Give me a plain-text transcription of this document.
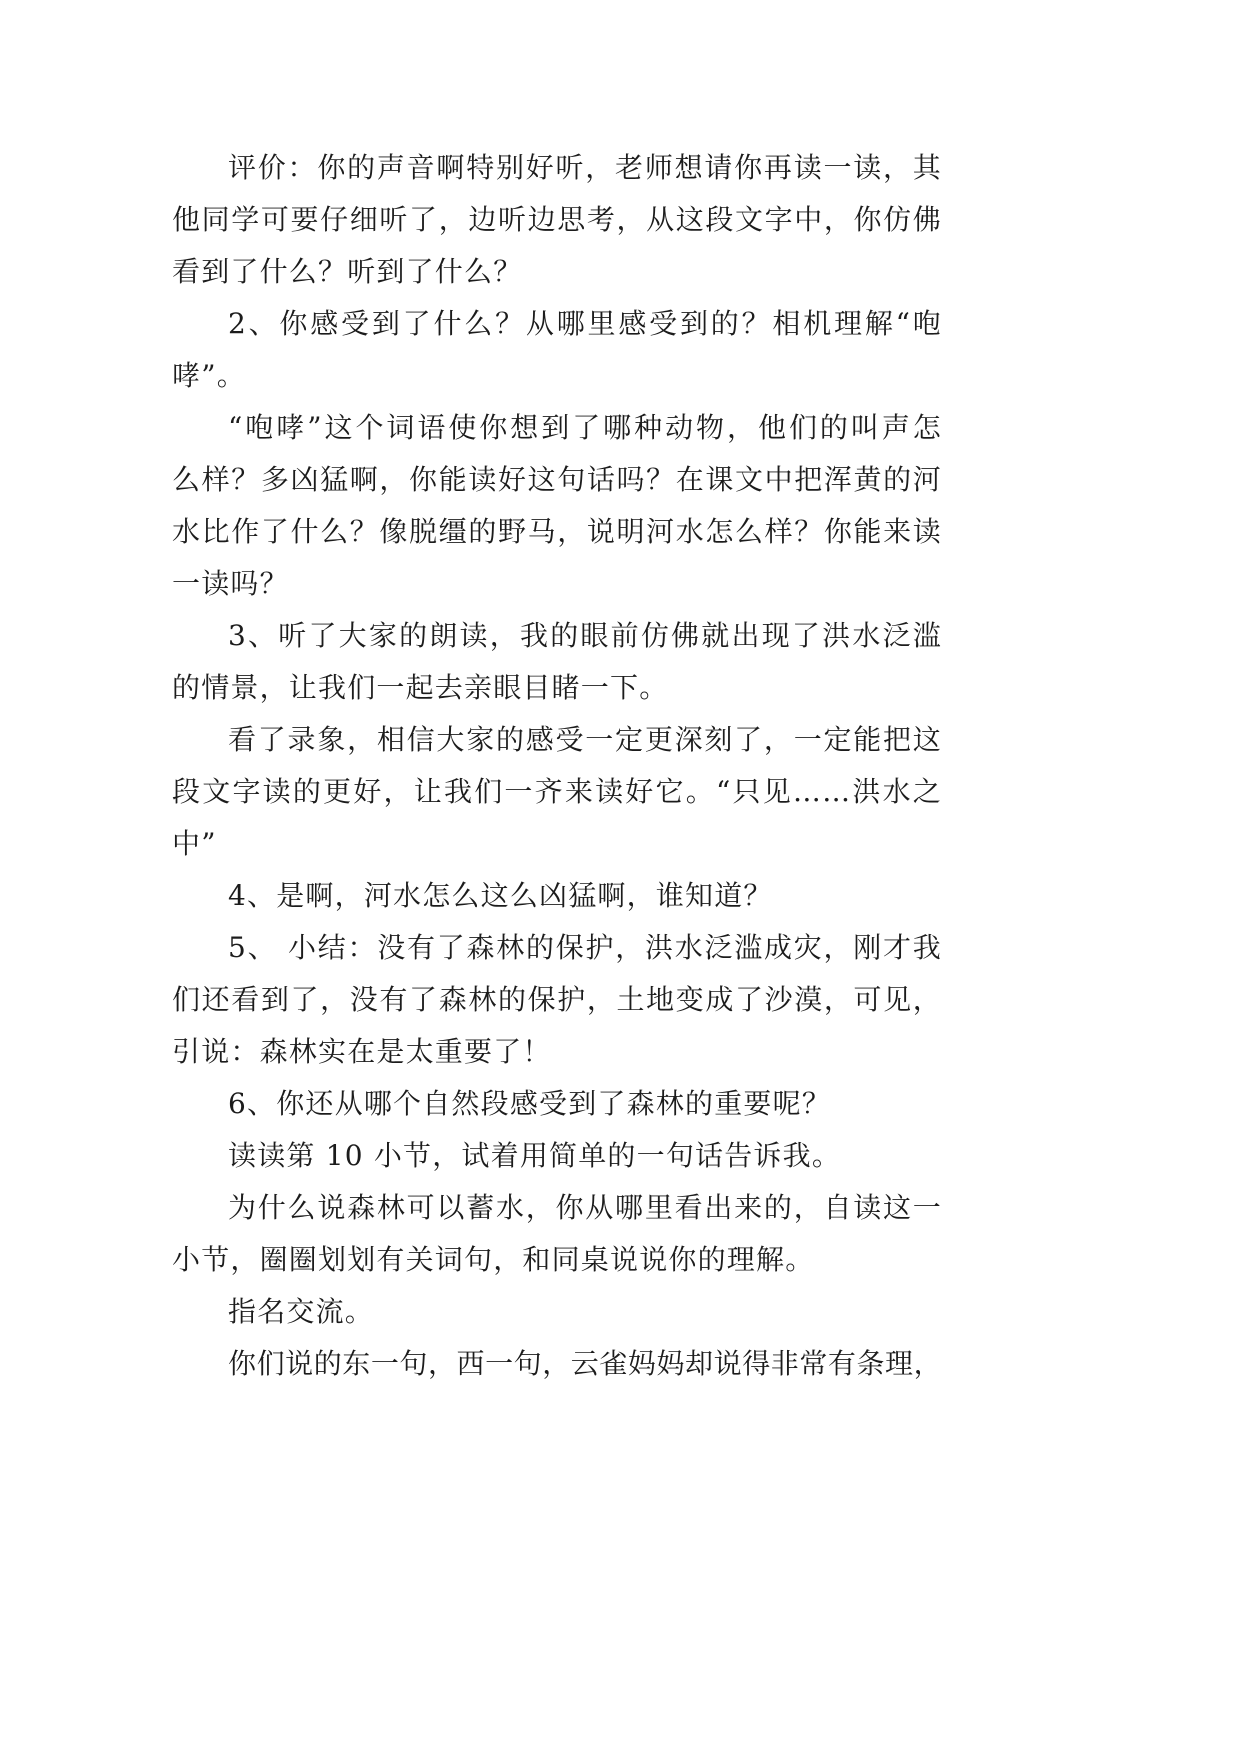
评价：你的声音啊特别好听，老师想请你再读一读，其
他同学可要仔细听了，边听边思考，从这段文字中，你仿佛
看到了什么？听到了什么？
2、你感受到了什么？从哪里感受到的？相机理解“咆
哮”。
“咆哮”这个词语使你想到了哪种动物，他们的叫声怎
么样？多凶猛啊，你能读好这句话吗？在课文中把浑黄的河
水比作了什么？像脱缰的野马，说明河水怎么样？你能来读
一读吗？
3、听了大家的朗读，我的眼前仿佛就出现了洪水泛滥
的情景，让我们一起去亲眼目睹一下。
看了录象，相信大家的感受一定更深刻了，一定能把这
段文字读的更好，让我们一齐来读好它。“只见……洪水之
中”
4、是啊，河水怎么这么凶猛啊，谁知道？
5、 小结：没有了森林的保护，洪水泛滥成灾，刚才我
们还看到了，没有了森林的保护，土地变成了沙漠，可见，
引说：森林实在是太重要了！
6、你还从哪个自然段感受到了森林的重要呢？
读读第 10 小节，试着用简单的一句话告诉我。
为什么说森林可以蓄水，你从哪里看出来的，自读这一
小节，圈圈划划有关词句，和同桌说说你的理解。
指名交流。
你们说的东一句，西一句，云雀妈妈却说得非常有条理，
